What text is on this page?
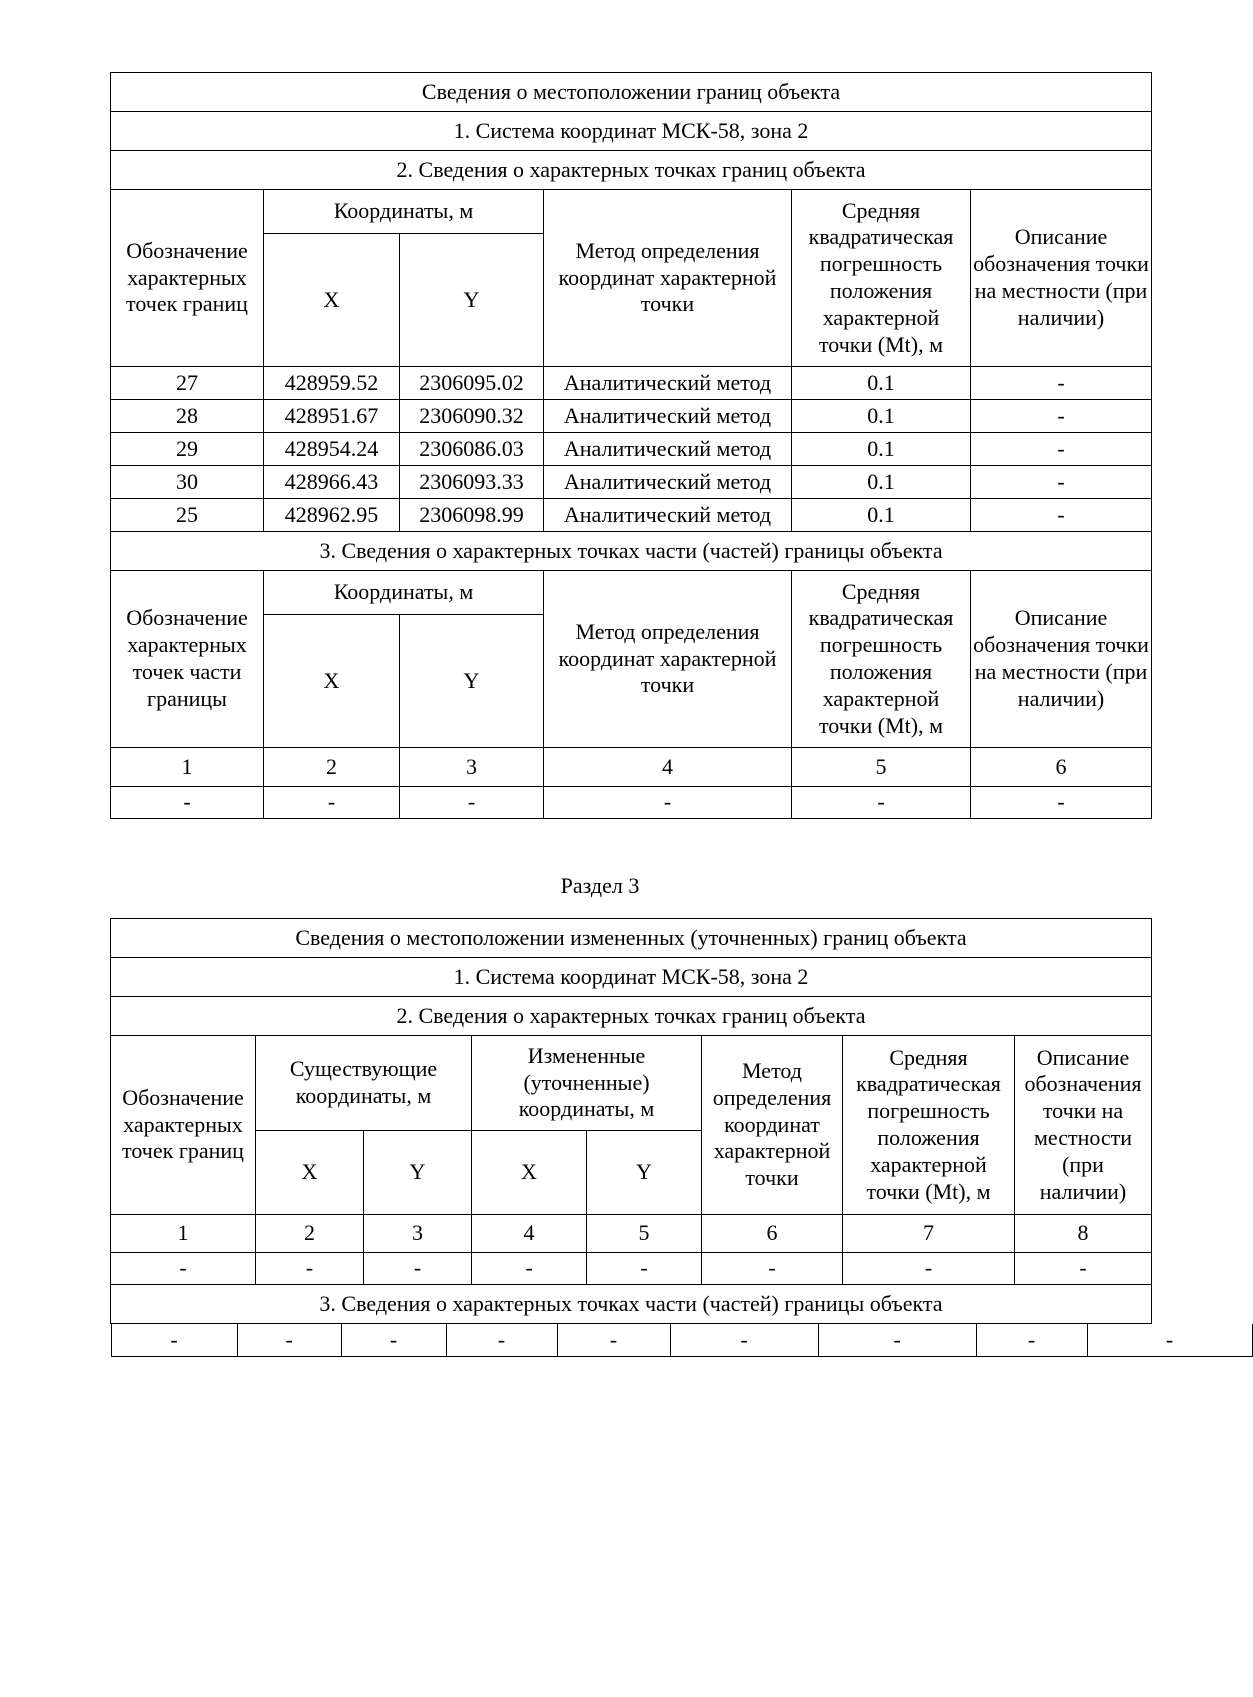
Сведения о местоположении границ объекта					
1. Система координат МСК-58, зона 2					
2. Сведения о характерных точках границ объекта					
Обозначение характерных точек границ	Координаты, м		Метод определения координат характерной точки	Средняя квадратическая погрешность положения характерной точки (Mt), м	Описание обозначения точки на местности (при наличии)
	X	Y			
27	428959.52	2306095.02	Аналитический метод	0.1	-
28	428951.67	2306090.32	Аналитический метод	0.1	-
29	428954.24	2306086.03	Аналитический метод	0.1	-
30	428966.43	2306093.33	Аналитический метод	0.1	-
25	428962.95	2306098.99	Аналитический метод	0.1	-
3. Сведения о характерных точках части (частей) границы объекта					
Обозначение характерных точек части границы	Координаты, м		Метод определения координат характерной точки	Средняя квадратическая погрешность положения характерной точки (Mt), м	Описание обозначения точки на местности (при наличии)
	X	Y			
1	2	3	4	5	6
-	-	-	-	-	-
Раздел 3
Сведения о местоположении измененных (уточненных) границ объекта
1. Система координат МСК-58, зона 2
2. Сведения о характерных точках границ объекта
Обозначение характерных точек границ	Существующие координаты, м	Измененные (уточненные) координаты, м	Метод определения координат характерной точки	Средняя квадратическая погрешность положения характерной точки (Mt), м	Описание обозначения точки на местности (при наличии)
X	Y	X	Y
1	2	3	4	5	6	7	8
-	-	-	-	-	-	-	-
3. Сведения о характерных точках части (частей) границы объекта

-	-	-	-	-	-	-	-	-
